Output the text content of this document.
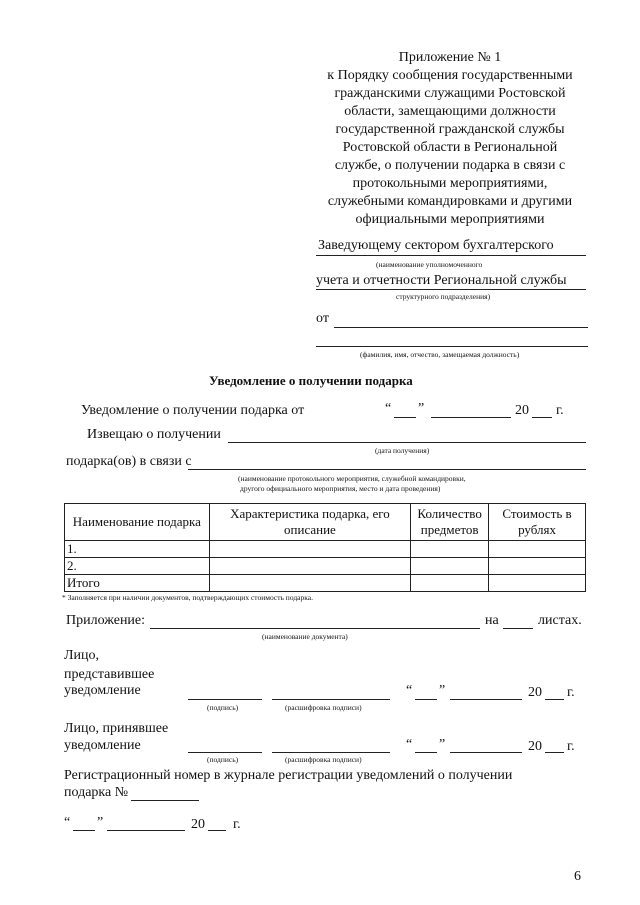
Приложение № 1
к Порядку сообщения государственными
гражданскими служащими Ростовской
области, замещающими должности
государственной гражданской службы
Ростовской области в Региональной
службе, о получении подарка в связи с
протокольными мероприятиями,
служебными командировками и другими
официальными мероприятиями
Заведующему сектором бухгалтерского
(наименование уполномоченного
учета и отчетности Региональной службы
структурного подразделения)
от
(фамилия, имя, отчество, замещаемая должность)
Уведомление о получении подарка
Уведомление о получении подарка от	“ ”	20 г.
Извещаю о получении
(дата получения)
подарка(ов) в связи с
(наименование протокольного мероприятия, служебной командировки,
другого официального мероприятия, место и дата проведения)
Наименование подарка	Характеристика подарка, его описание	Количество предметов	Стоимость в рублях
1.			
2.			
Итого			
* Заполняется при наличии документов, подтверждающих стоимость подарка.
Приложение:	на	листах.
(наименование документа)
Лицо,
представившее
уведомление
(подпись)	(расшифровка подписи)
“ ”	20 г.
Лицо, принявшее
уведомление
(подпись)	(расшифровка подписи)
“ ”	20 г.
Регистрационный номер в журнале регистрации уведомлений о получении
подарка №
“ ”	20 г.
6
